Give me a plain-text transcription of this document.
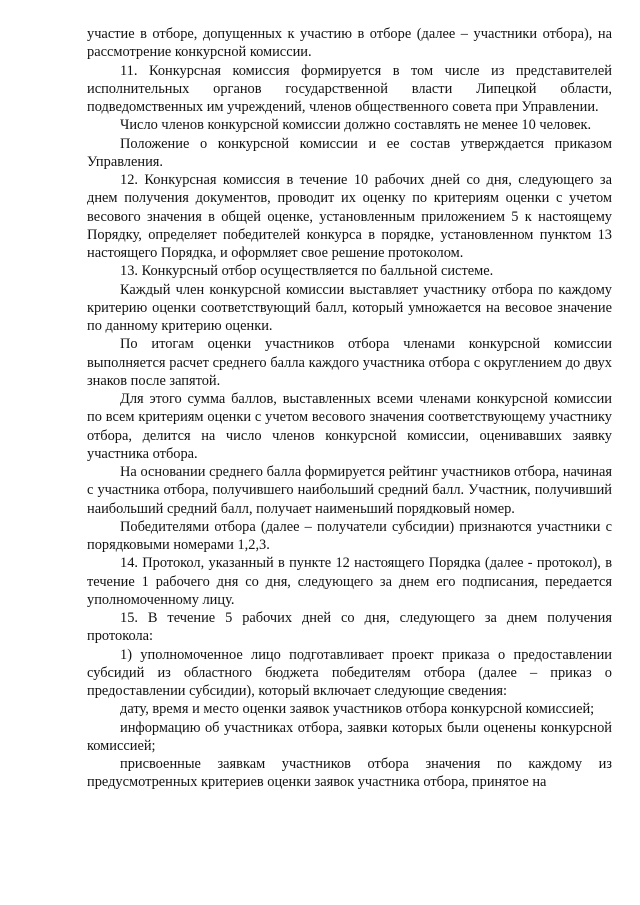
участие в отборе, допущенных к участию в отборе (далее – участники отбора), на рассмотрение конкурсной комиссии.

11. Конкурсная комиссия формируется в том числе из представителей исполнительных органов государственной власти Липецкой области, подведомственных им учреждений, членов общественного совета при Управлении.

Число членов конкурсной комиссии должно составлять не менее 10 человек.

Положение о конкурсной комиссии и ее состав утверждается приказом Управления.

12. Конкурсная комиссия в течение 10 рабочих дней со дня, следующего за днем получения документов, проводит их оценку по критериям оценки с учетом весового значения в общей оценке, установленным приложением 5 к настоящему Порядку, определяет победителей конкурса в порядке, установленном пунктом 13 настоящего Порядка, и оформляет свое решение протоколом.

13. Конкурсный отбор осуществляется по балльной системе.

Каждый член конкурсной комиссии выставляет участнику отбора по каждому критерию оценки соответствующий балл, который умножается на весовое значение по данному критерию оценки.

По итогам оценки участников отбора членами конкурсной комиссии выполняется расчет среднего балла каждого участника отбора с округлением до двух знаков после запятой.

Для этого сумма баллов, выставленных всеми членами конкурсной комиссии по всем критериям оценки с учетом весового значения соответствующему участнику отбора, делится на число членов конкурсной комиссии, оценивавших заявку участника отбора.

На основании среднего балла формируется рейтинг участников отбора, начиная с участника отбора, получившего наибольший средний балл. Участник, получивший наибольший средний балл, получает наименьший порядковый номер.

Победителями отбора (далее – получатели субсидии) признаются участники с порядковыми номерами 1,2,3.

14. Протокол, указанный в пункте 12 настоящего Порядка (далее - протокол), в течение 1 рабочего дня со дня, следующего за днем его подписания, передается уполномоченному лицу.

15. В течение 5 рабочих дней со дня, следующего за днем получения протокола:

1) уполномоченное лицо подготавливает проект приказа о предоставлении субсидий из областного бюджета победителям отбора (далее – приказ о предоставлении субсидии), который включает следующие сведения:

дату, время и место оценки заявок участников отбора конкурсной комиссией;

информацию об участниках отбора, заявки которых были оценены конкурсной комиссией;

присвоенные заявкам участников отбора значения по каждому из предусмотренных критериев оценки заявок участника отбора, принятое на
